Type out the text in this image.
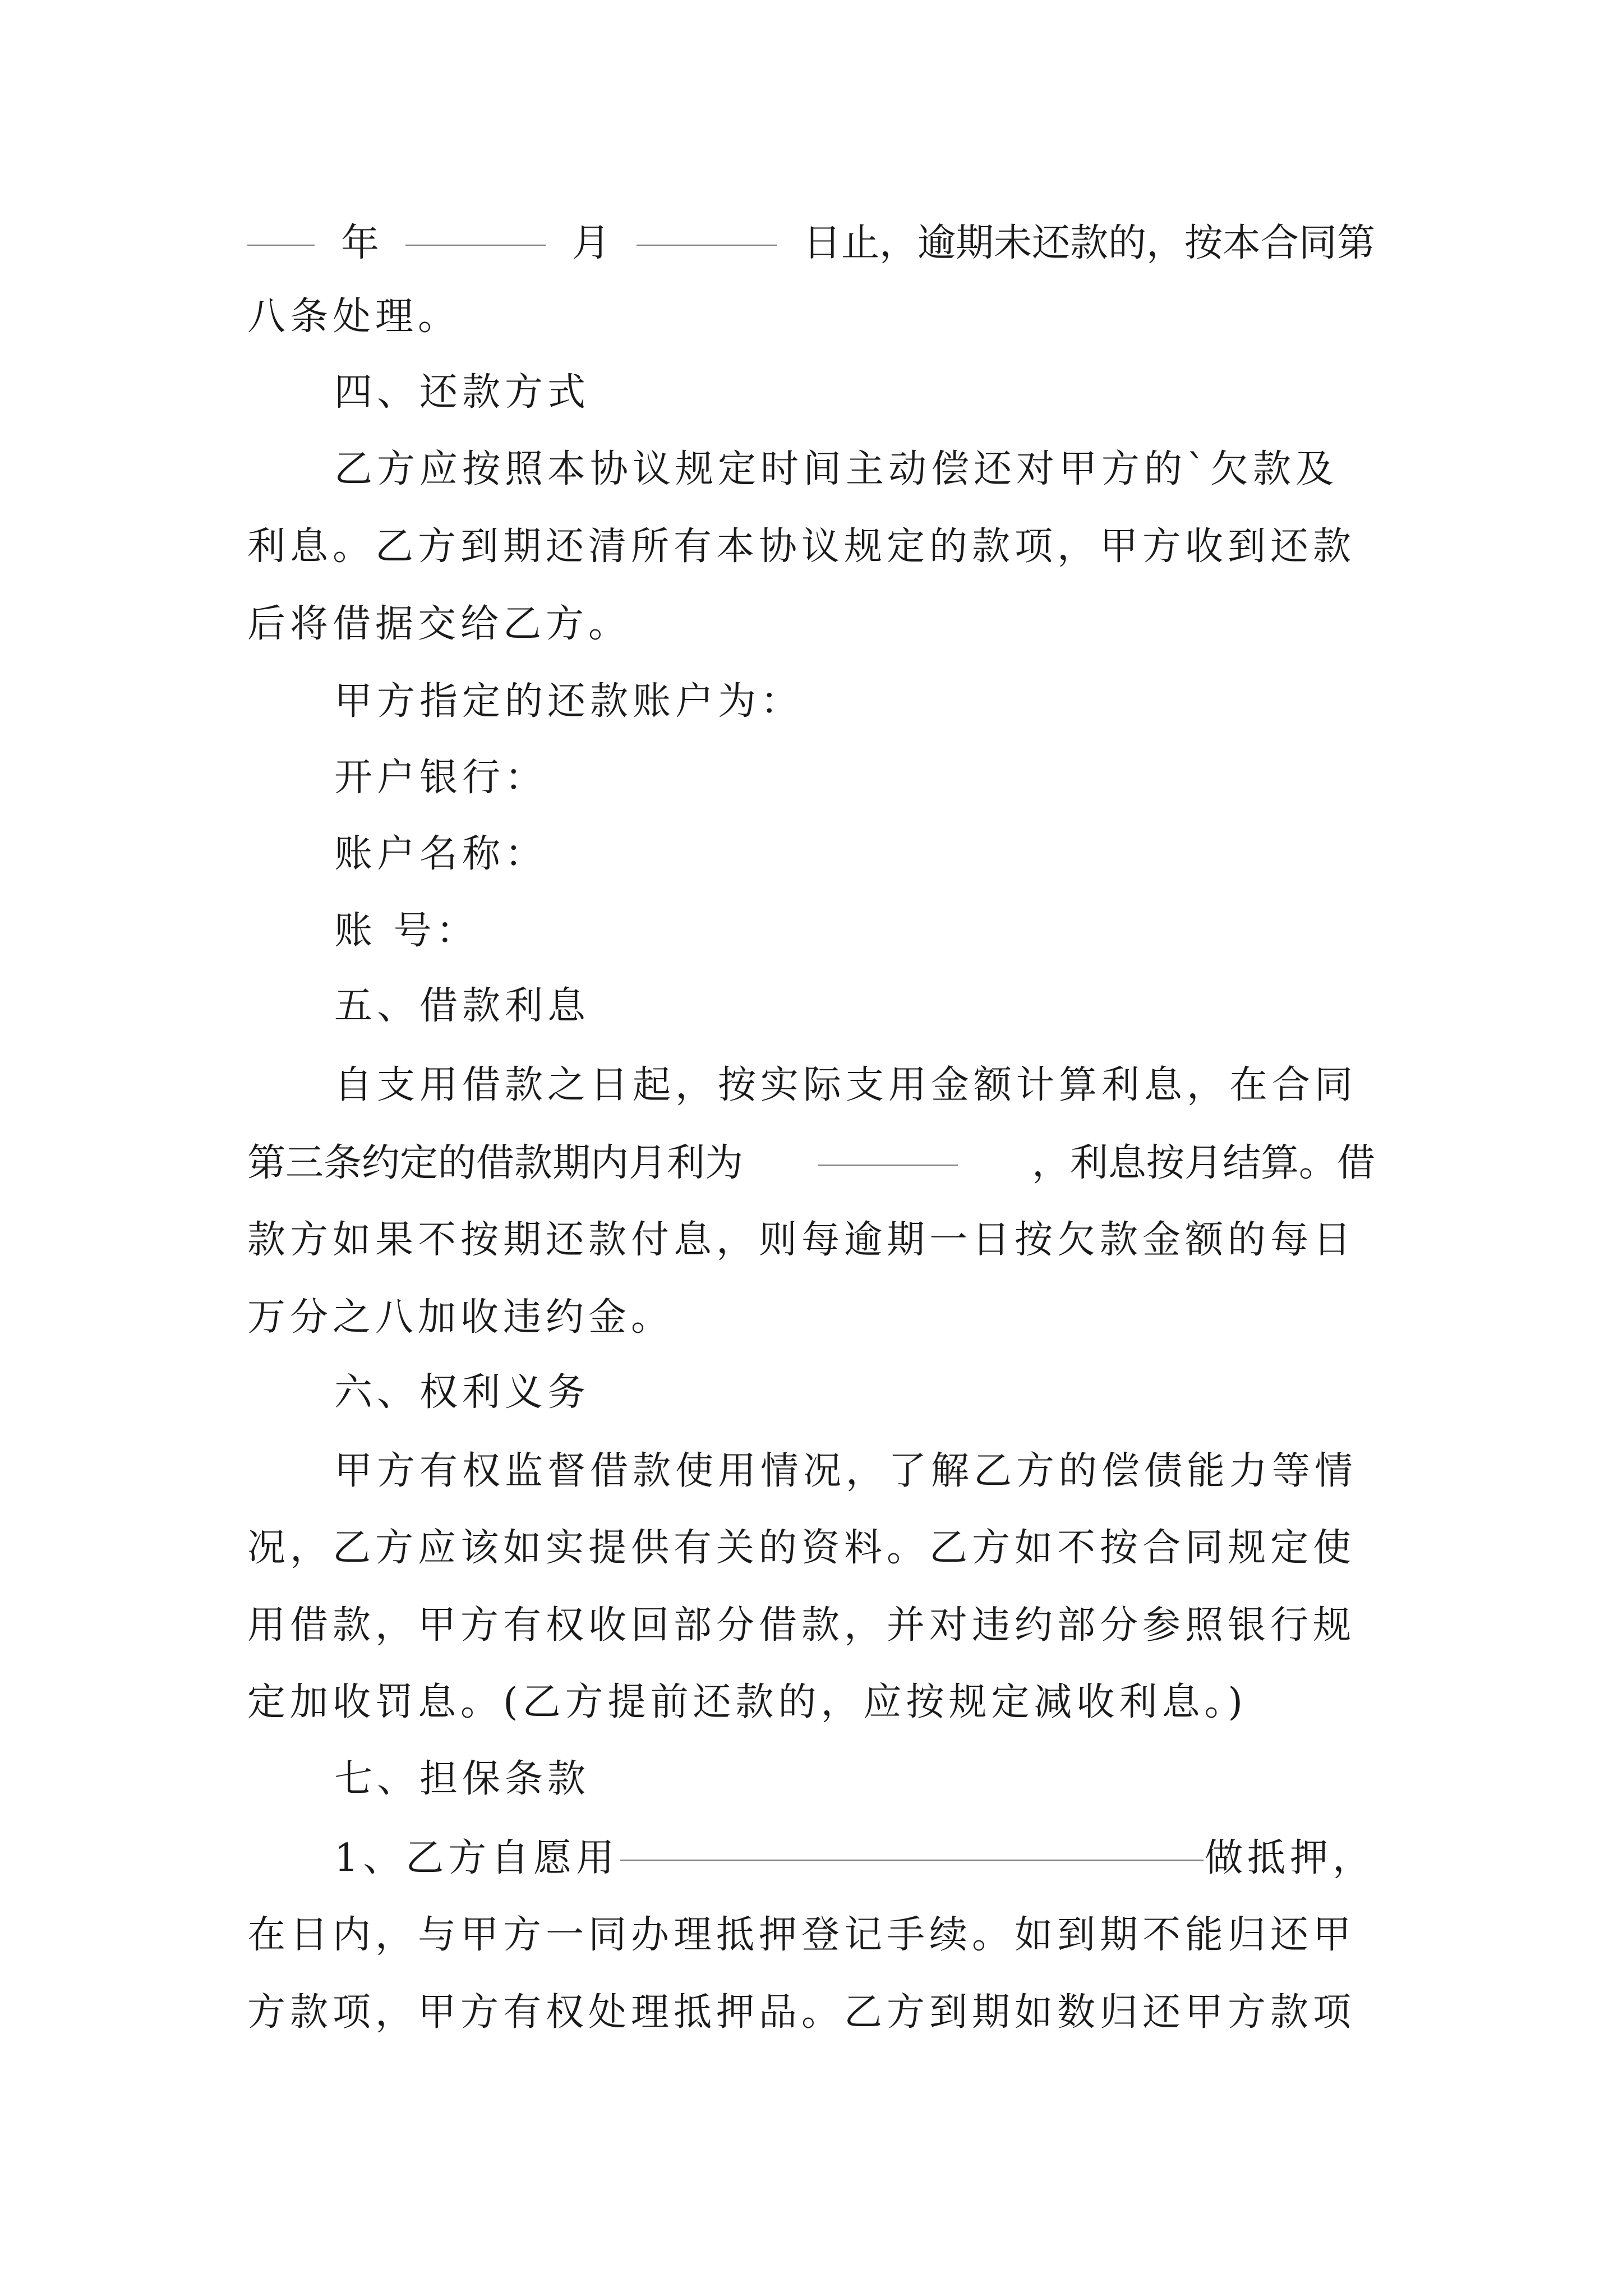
年	月	日止，逾期未还款的，按本合同第
八条处理。
四、还款方式
乙方应按照本协议规定时间主动偿还对甲方的`欠款及
利息。乙方到期还清所有本协议规定的款项，甲方收到还款
后将借据交给乙方。
甲方指定的还款账户为：
开户银行：
账户名称：
账 号：
五、借款利息
自支用借款之日起，按实际支用金额计算利息，在合同
第三条约定的借款期内月利为	，利息按月结算。借
款方如果不按期还款付息，则每逾期一日按欠款金额的每日
万分之八加收违约金。
六、权利义务
甲方有权监督借款使用情况，了解乙方的偿债能力等情
况，乙方应该如实提供有关的资料。乙方如不按合同规定使
用借款，甲方有权收回部分借款，并对违约部分参照银行规
定加收罚息。(乙方提前还款的，应按规定减收利息。)
七、担保条款
1、乙方自愿用	做抵押，
在日内，与甲方一同办理抵押登记手续。如到期不能归还甲
方款项，甲方有权处理抵押品。乙方到期如数归还甲方款项
